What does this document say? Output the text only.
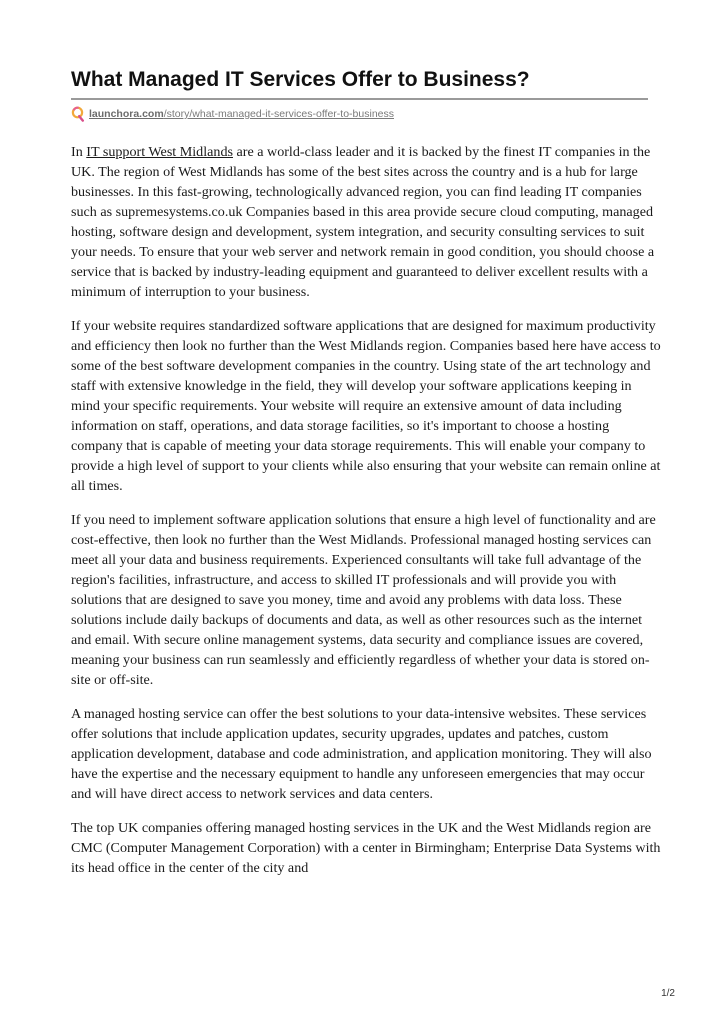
What Managed IT Services Offer to Business?
launchora.com /story/what-managed-it-services-offer-to-business

In IT support West Midlands are a world-class leader and it is backed by the finest IT companies in the UK. The region of West Midlands has some of the best sites across the country and is a hub for large businesses. In this fast-growing, technologically advanced region, you can find leading IT companies such as supremesystems.co.uk Companies based in this area provide secure cloud computing, managed hosting, software design and development, system integration, and security consulting services to suit your needs. To ensure that your web server and network remain in good condition, you should choose a service that is backed by industry-leading equipment and guaranteed to deliver excellent results with a minimum of interruption to your business.

If your website requires standardized software applications that are designed for maximum productivity and efficiency then look no further than the West Midlands region. Companies based here have access to some of the best software development companies in the country. Using state of the art technology and staff with extensive knowledge in the field, they will develop your software applications keeping in mind your specific requirements. Your website will require an extensive amount of data including information on staff, operations, and data storage facilities, so it's important to choose a hosting company that is capable of meeting your data storage requirements. This will enable your company to provide a high level of support to your clients while also ensuring that your website can remain online at all times.

If you need to implement software application solutions that ensure a high level of functionality and are cost-effective, then look no further than the West Midlands. Professional managed hosting services can meet all your data and business requirements. Experienced consultants will take full advantage of the region's facilities, infrastructure, and access to skilled IT professionals and will provide you with solutions that are designed to save you money, time and avoid any problems with data loss. These solutions include daily backups of documents and data, as well as other resources such as the internet and email. With secure online management systems, data security and compliance issues are covered, meaning your business can run seamlessly and efficiently regardless of whether your data is stored on-site or off-site.

A managed hosting service can offer the best solutions to your data-intensive websites. These services offer solutions that include application updates, security upgrades, updates and patches, custom application development, database and code administration, and application monitoring. They will also have the expertise and the necessary equipment to handle any unforeseen emergencies that may occur and will have direct access to network services and data centers.

The top UK companies offering managed hosting services in the UK and the West Midlands region are CMC (Computer Management Corporation) with a center in Birmingham; Enterprise Data Systems with its head office in the center of the city and

1/2
